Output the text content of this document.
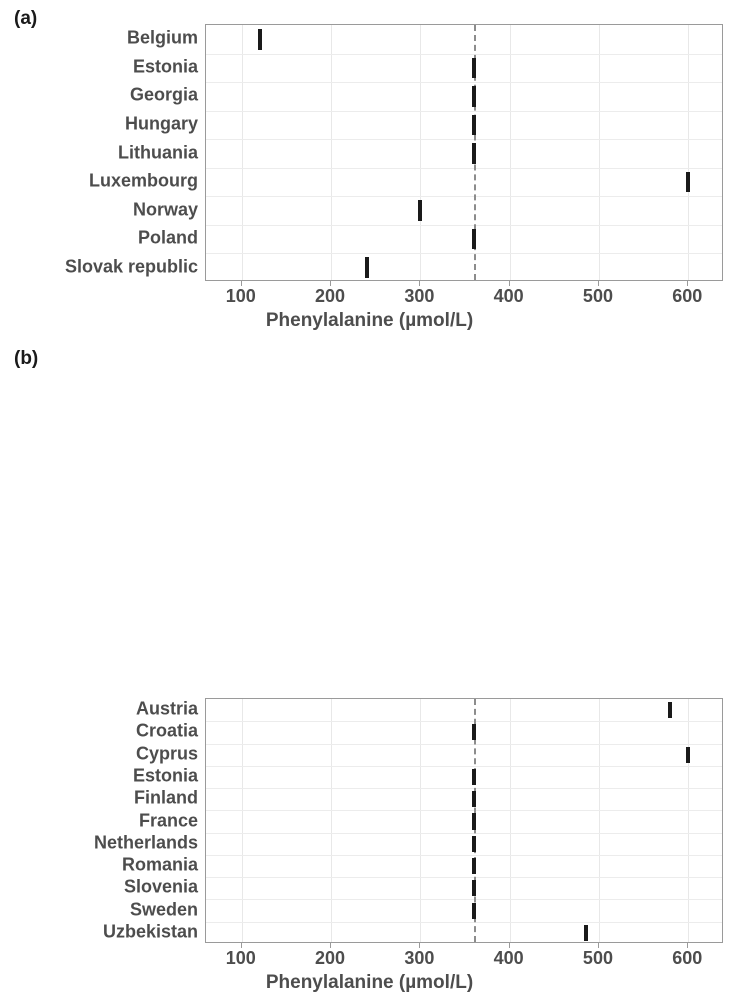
(a)
Belgium
Estonia
Georgia
Hungary
Lithuania
Luxembourg
Norway
Poland
Slovak republic
100	200	300	400	500	600
Phenylalanine (µmol/L)
(b)
Austria
Croatia
Cyprus
Estonia
Finland
France
Netherlands
Romania
Slovenia
Sweden
Uzbekistan
100	200	300	400	500	600
Phenylalanine (µmol/L)
